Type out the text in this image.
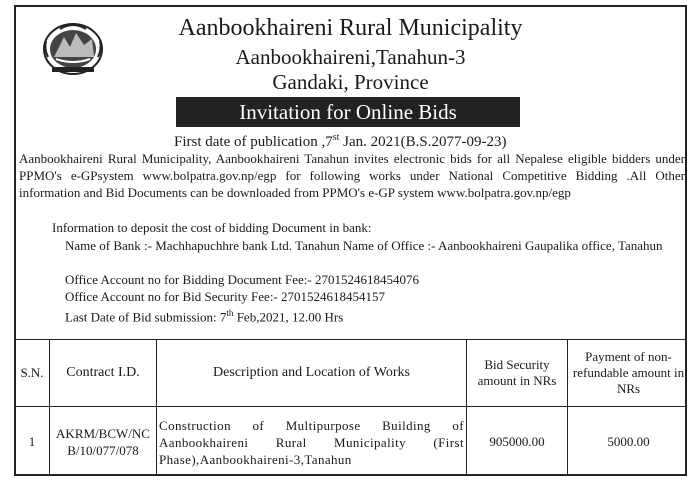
Aanbookhaireni Rural Municipality
Aanbookhaireni,Tanahun-3
Gandaki, Province
Invitation for Online Bids
First date of publication ,7st Jan. 2021(B.S.2077-09-23)
Aanbookhaireni Rural Municipality, Aanbookhaireni Tanahun invites electronic bids for all Nepalese eligible bidders under PPMO's e-GPsystem www.bolpatra.gov.np/egp for following works under National Competitive Bidding .All Other information and Bid Documents can be downloaded from PPMO's e-GP system www.bolpatra.gov.np/egp
Information to deposit the cost of bidding Document in bank:
Name of Bank :- Machhapuchhre bank Ltd. Tanahun Name of Office :- Aanbookhaireni Gaupalika office, Tanahun
Office Account no for Bidding Document Fee:- 2701524618454076
Office Account no for Bid Security Fee:- 2701524618454157
Last Date of Bid submission: 7th Feb,2021, 12.00 Hrs
S.N.	Contract I.D.	Description and Location of Works	Bid Security amount in NRs	Payment of non-refundable amount in NRs
1	AKRM/BCW/NCB/10/077/078	Construction of Multipurpose Building of Aanbookhaireni Rural Municipality (First Phase),Aanbookhaireni-3,Tanahun	905000.00	5000.00
